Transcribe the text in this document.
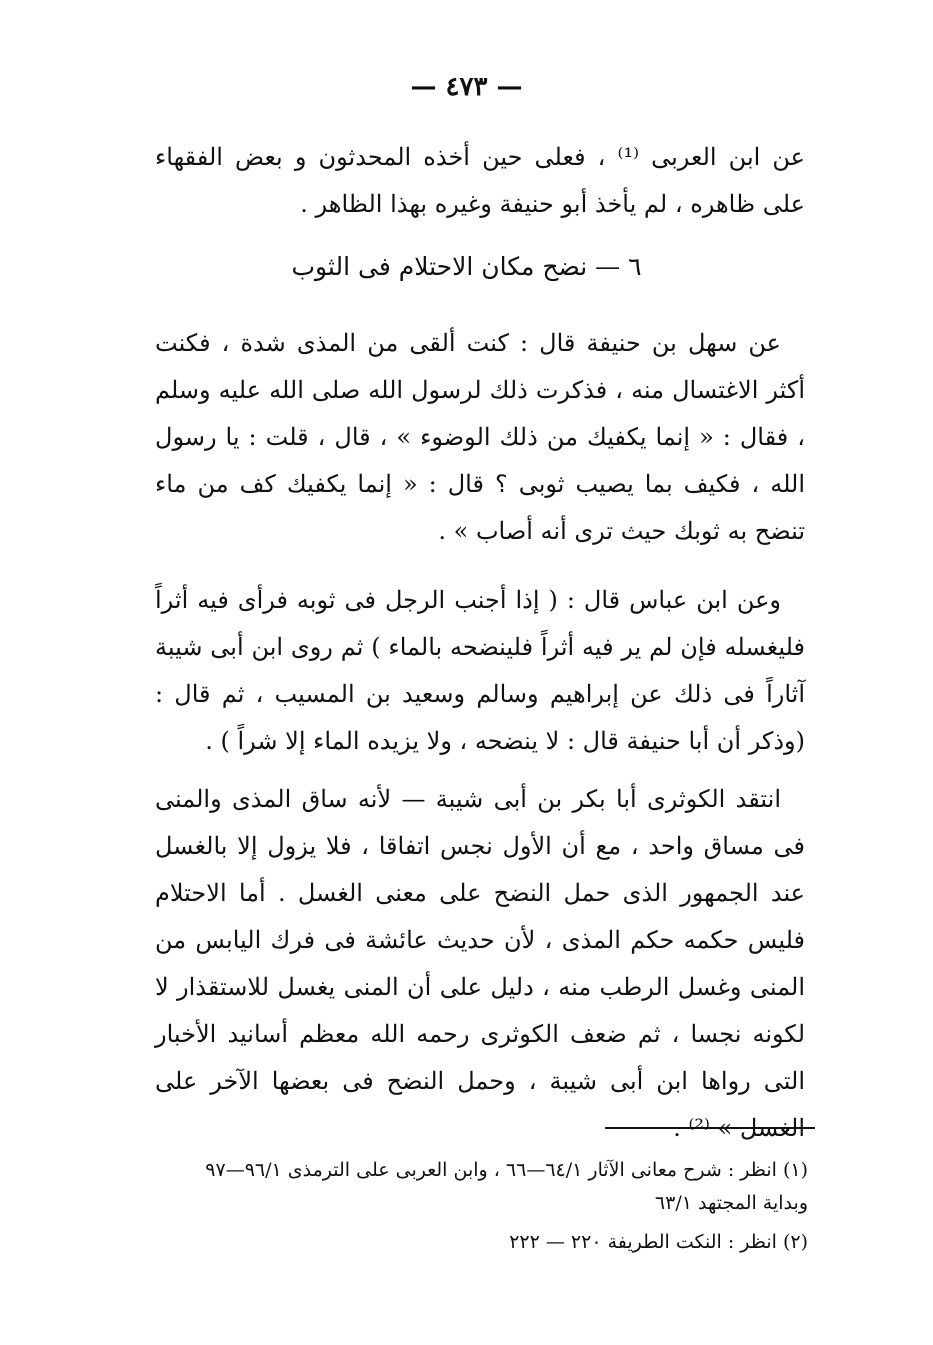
— ٤٧٣ —
عن ابن العربى ⁽¹⁾ ، فعلى حين أخذه المحدثون و بعض الفقهاء على ظاهره ، لم يأخذ أبو حنيفة وغيره بهذا الظاهر .
٦ — نضح مكان الاحتلام فى الثوب
عن سهل بن حنيفة قال : كنت ألقى من المذى شدة ، فكنت أكثر الاغتسال منه ، فذكرت ذلك لرسول الله صلى الله عليه وسلم ، فقال : « إنما يكفيك من ذلك الوضوء » ، قال ، قلت : يا رسول الله ، فكيف بما يصيب ثوبى ؟ قال : « إنما يكفيك كف من ماء تنضح به ثوبك حيث ترى أنه أصاب » .
وعن ابن عباس قال : ( إذا أجنب الرجل فى ثوبه فرأى فيه أثراً فليغسله فإن لم ير فيه أثراً فلينضحه بالماء ) ثم روى ابن أبى شيبة آثاراً فى ذلك عن إبراهيم وسالم وسعيد بن المسيب ، ثم قال : (وذكر أن أبا حنيفة قال : لا ينضحه ، ولا يزيده الماء إلا شراً ) .
انتقد الكوثرى أبا بكر بن أبى شيبة — لأنه ساق المذى والمنى فى مساق واحد ، مع أن الأول نجس اتفاقا ، فلا يزول إلا بالغسل عند الجمهور الذى حمل النضح على معنى الغسل . أما الاحتلام فليس حكمه حكم المذى ، لأن حديث عائشة فى فرك اليابس من المنى وغسل الرطب منه ، دليل على أن المنى يغسل للاستقذار لا لكونه نجسا ، ثم ضعف الكوثرى رحمه الله معظم أسانيد الأخبار التى رواها ابن أبى شيبة ، وحمل النضح فى بعضها الآخر على الغسل » ⁽²⁾ .
(١) انظر : شرح معانى الآثار ٦٤/١—٦٦ ، وابن العربى على الترمذى ٩٦/١—٩٧
وبداية المجتهد ٦٣/١
(٢) انظر : النكت الطريفة ٢٢٠ — ٢٢٢
